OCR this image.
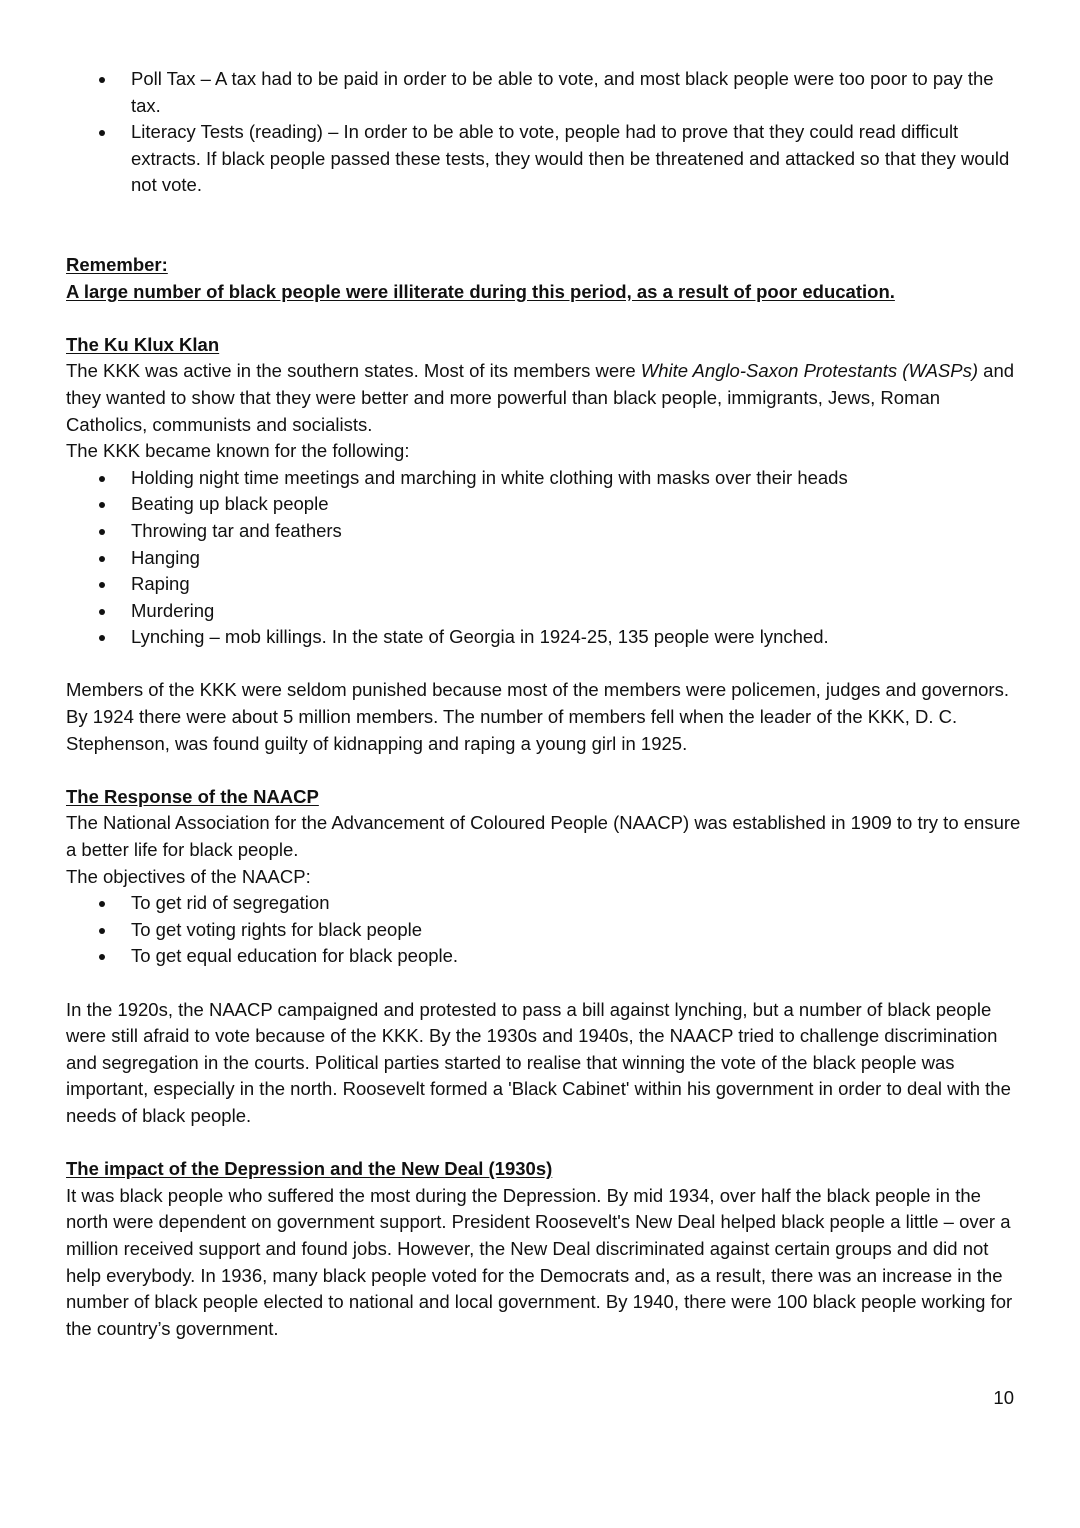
Poll Tax – A tax had to be paid in order to be able to vote, and most black people were too poor to pay the tax.
Literacy Tests (reading) – In order to be able to vote, people had to prove that they could read difficult extracts. If black people passed these tests, they would then be threatened and attacked so that they would not vote.

Remember:

A large number of black people were illiterate during this period, as a result of poor education.

The Ku Klux Klan

The KKK was active in the southern states. Most of its members were White Anglo-Saxon Protestants (WASPs) and they wanted to show that they were better and more powerful than black people, immigrants, Jews, Roman Catholics, communists and socialists.

The KKK became known for the following:

Holding night time meetings and marching in white clothing with masks over their heads
Beating up black people
Throwing tar and feathers
Hanging
Raping
Murdering
Lynching – mob killings. In the state of Georgia in 1924-25, 135 people were lynched.

Members of the KKK were seldom punished because most of the members were policemen, judges and governors. By 1924 there were about 5 million members. The number of members fell when the leader of the KKK, D. C. Stephenson, was found guilty of kidnapping and raping a young girl in 1925.

The Response of the NAACP

The National Association for the Advancement of Coloured People (NAACP) was established in 1909 to try to ensure a better life for black people.

The objectives of the NAACP:

To get rid of segregation
To get voting rights for black people
To get equal education for black people.

In the 1920s, the NAACP campaigned and protested to pass a bill against lynching, but a number of black people were still afraid to vote because of the KKK. By the 1930s and 1940s, the NAACP tried to challenge discrimination and segregation in the courts. Political parties started to realise that winning the vote of the black people was important, especially in the north. Roosevelt formed a 'Black Cabinet' within his government in order to deal with the needs of black people.

The impact of the Depression and the New Deal (1930s)

It was black people who suffered the most during the Depression. By mid 1934, over half the black people in the north were dependent on government support. President Roosevelt's New Deal helped black people a little – over a million received support and found jobs. However, the New Deal discriminated against certain groups and did not help everybody. In 1936, many black people voted for the Democrats and, as a result, there was an increase in the number of black people elected to national and local government. By 1940, there were 100 black people working for the country’s government.

10
